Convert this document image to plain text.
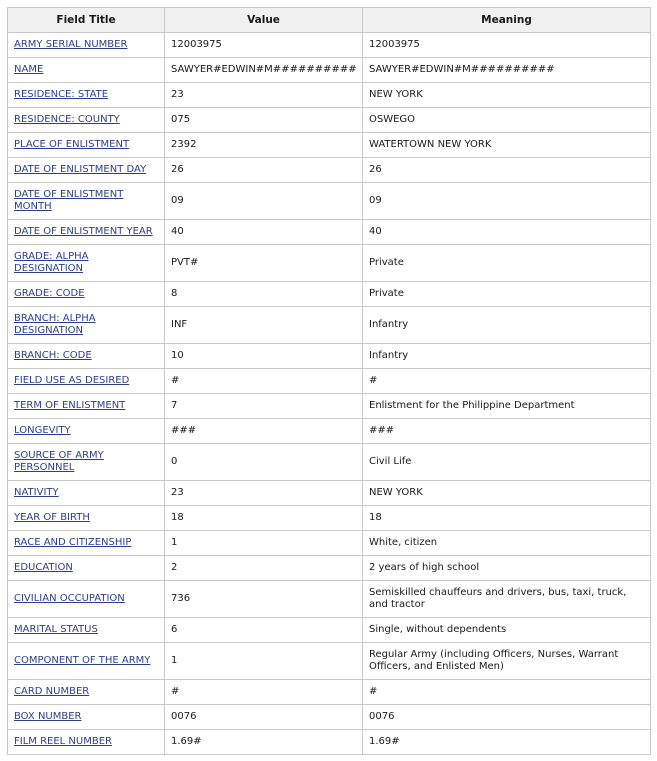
Field Title	Value	Meaning
ARMY SERIAL NUMBER	12003975	12003975
NAME	SAWYER#EDWIN#M##########	SAWYER#EDWIN#M##########
RESIDENCE: STATE	23	NEW YORK
RESIDENCE: COUNTY	075	OSWEGO
PLACE OF ENLISTMENT	2392	WATERTOWN NEW YORK
DATE OF ENLISTMENT DAY	26	26
DATE OF ENLISTMENT MONTH	09	09
DATE OF ENLISTMENT YEAR	40	40
GRADE: ALPHA DESIGNATION	PVT#	Private
GRADE: CODE	8	Private
BRANCH: ALPHA DESIGNATION	INF	Infantry
BRANCH: CODE	10	Infantry
FIELD USE AS DESIRED	#	#
TERM OF ENLISTMENT	7	Enlistment for the Philippine Department
LONGEVITY	###	###
SOURCE OF ARMY PERSONNEL	0	Civil Life
NATIVITY	23	NEW YORK
YEAR OF BIRTH	18	18
RACE AND CITIZENSHIP	1	White, citizen
EDUCATION	2	2 years of high school
CIVILIAN OCCUPATION	736	Semiskilled chauffeurs and drivers, bus, taxi, truck, and tractor
MARITAL STATUS	6	Single, without dependents
COMPONENT OF THE ARMY	1	Regular Army (including Officers, Nurses, Warrant Officers, and Enlisted Men)
CARD NUMBER	#	#
BOX NUMBER	0076	0076
FILM REEL NUMBER	1.69#	1.69#
